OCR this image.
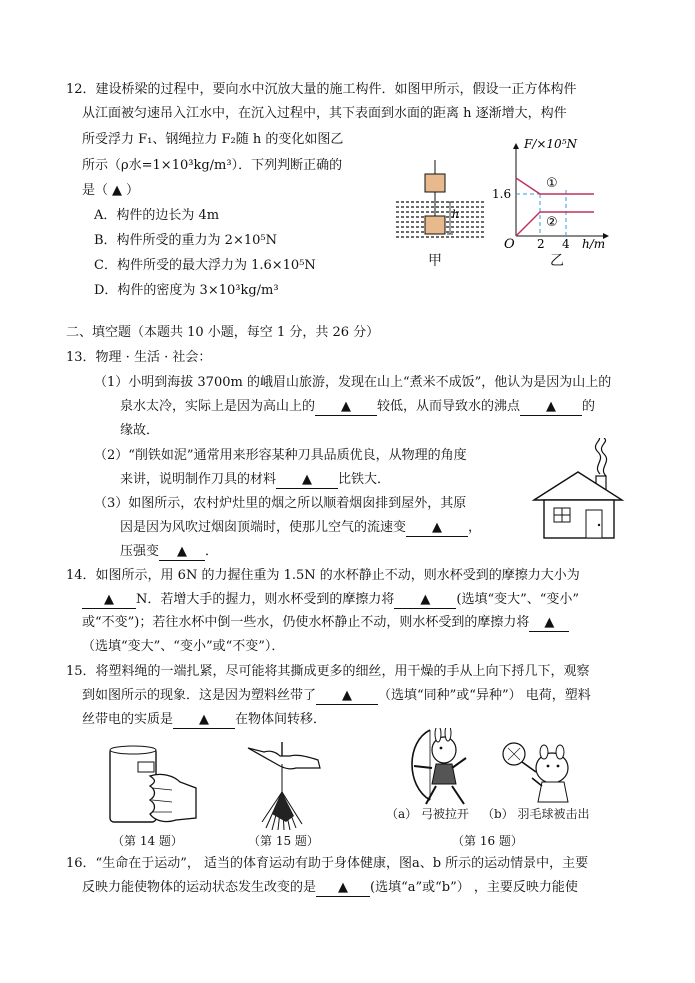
12．建设桥梁的过程中，要向水中沉放大量的施工构件．如图甲所示，假设一正方体构件
从江面被匀速吊入江水中，在沉入过程中，其下表面到水面的距离 h 逐渐增大，构件
所受浮力 F₁、钢绳拉力 F₂随 h 的变化如图乙
所示（ρ水=1×10³kg/m³）．下列判断正确的
是（ ▲ ）
A．构件的边长为 4m
B．构件所受的重力为 2×10⁵N
C．构件所受的最大浮力为 1.6×10⁵N
D．构件的密度为 3×10³kg/m³
h
甲
F/×10⁵N
1.6
O 2 4 h/m
①
②
乙
二、填空题（本题共 10 小题，每空 1 分，共 26 分）
13．物理 · 生活 · 社会：
（1）小明到海拔 3700m 的峨眉山旅游，发现在山上“煮米不成饭”，他认为是因为山上的
泉水太冷，实际上是因为高山上的 ▲ 较低，从而导致水的沸点 ▲ 的
缘故．
（2）“削铁如泥”通常用来形容某种刀具品质优良，从物理的角度
来讲，说明制作刀具的材料 ▲ 比铁大．
（3）如图所示，农村炉灶里的烟之所以顺着烟囱排到屋外，其原
因是因为风吹过烟囱顶端时，使那儿空气的流速变 ▲ ，
压强变 ▲ ．
14．如图所示，用 6N 的力握住重为 1.5N 的水杯静止不动，则水杯受到的摩擦力大小为
▲ N．若增大手的握力，则水杯受到的摩擦力将 ▲ (选填“变大”、“变小”
或“不变”)；若往水杯中倒一些水，仍使水杯静止不动，则水杯受到的摩擦力将 ▲
（选填“变大”、“变小”或“不变”）．
15．将塑料绳的一端扎紧，尽可能将其撕成更多的细丝，用干燥的手从上向下捋几下，观察
到如图所示的现象．这是因为塑料丝带了 ▲ （选填“同种”或“异种”） 电荷，塑料
丝带电的实质是 ▲ 在物体间转移．
（a） 弓被拉开 （b） 羽毛球被击出
（第 14 题）	（第 15 题）	（第 16 题）
16．“生命在于运动”， 适当的体育运动有助于身体健康，图a、b 所示的运动情景中，主要
反映力能使物体的运动状态发生改变的是 ▲ (选填“a”或“b”） ，主要反映力能使
